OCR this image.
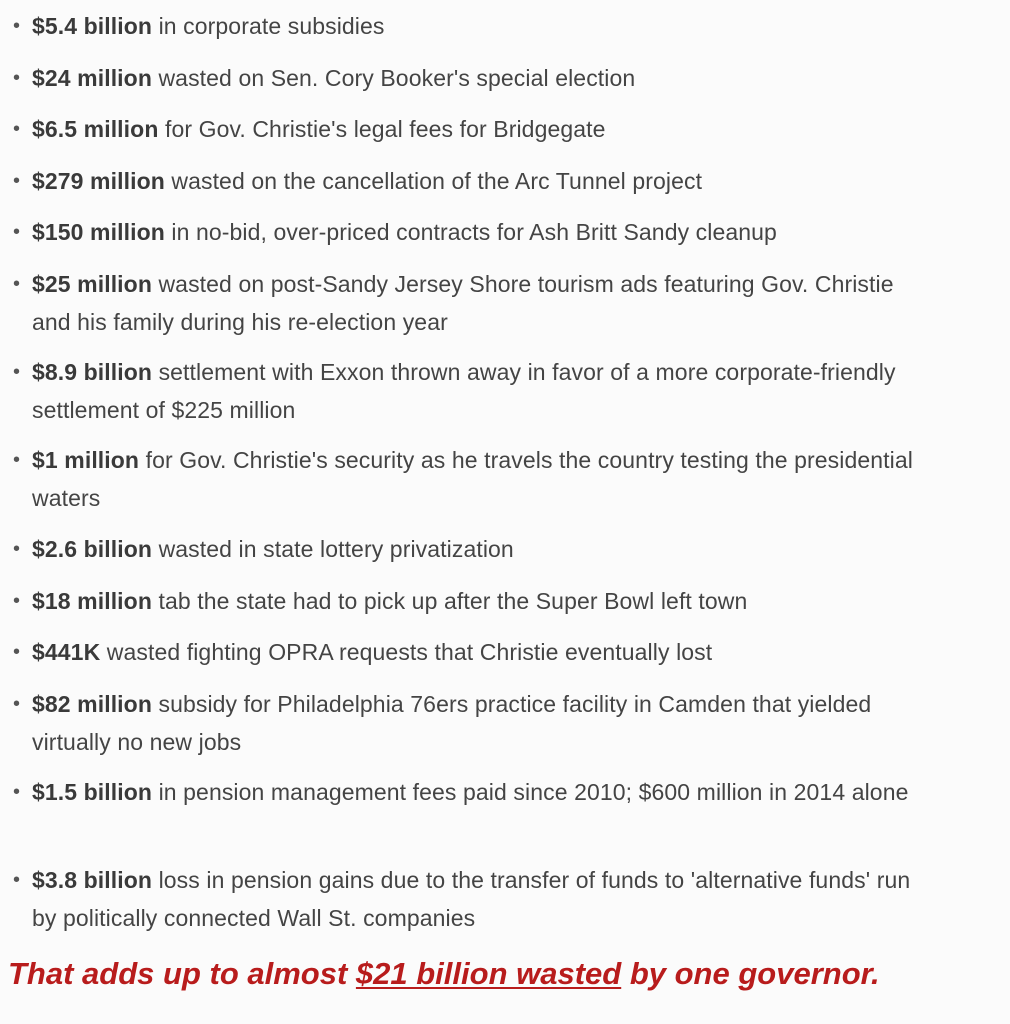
• $5.4 billion in corporate subsidies
• $24 million wasted on Sen. Cory Booker's special election
• $6.5 million for Gov. Christie's legal fees for Bridgegate
• $279 million wasted on the cancellation of the Arc Tunnel project
• $150 million in no-bid, over-priced contracts for Ash Britt Sandy cleanup
• $25 million wasted on post-Sandy Jersey Shore tourism ads featuring Gov. Christie and his family during his re-election year
• $8.9 billion settlement with Exxon thrown away in favor of a more corporate-friendly settlement of $225 million
• $1 million for Gov. Christie's security as he travels the country testing the presidential waters
• $2.6 billion wasted in state lottery privatization
• $18 million tab the state had to pick up after the Super Bowl left town
• $441K wasted fighting OPRA requests that Christie eventually lost
• $82 million subsidy for Philadelphia 76ers practice facility in Camden that yielded virtually no new jobs
• $1.5 billion in pension management fees paid since 2010; $600 million in 2014 alone
• $3.8 billion loss in pension gains due to the transfer of funds to 'alternative funds' run by politically connected Wall St. companies
That adds up to almost $21 billion wasted by one governor.
